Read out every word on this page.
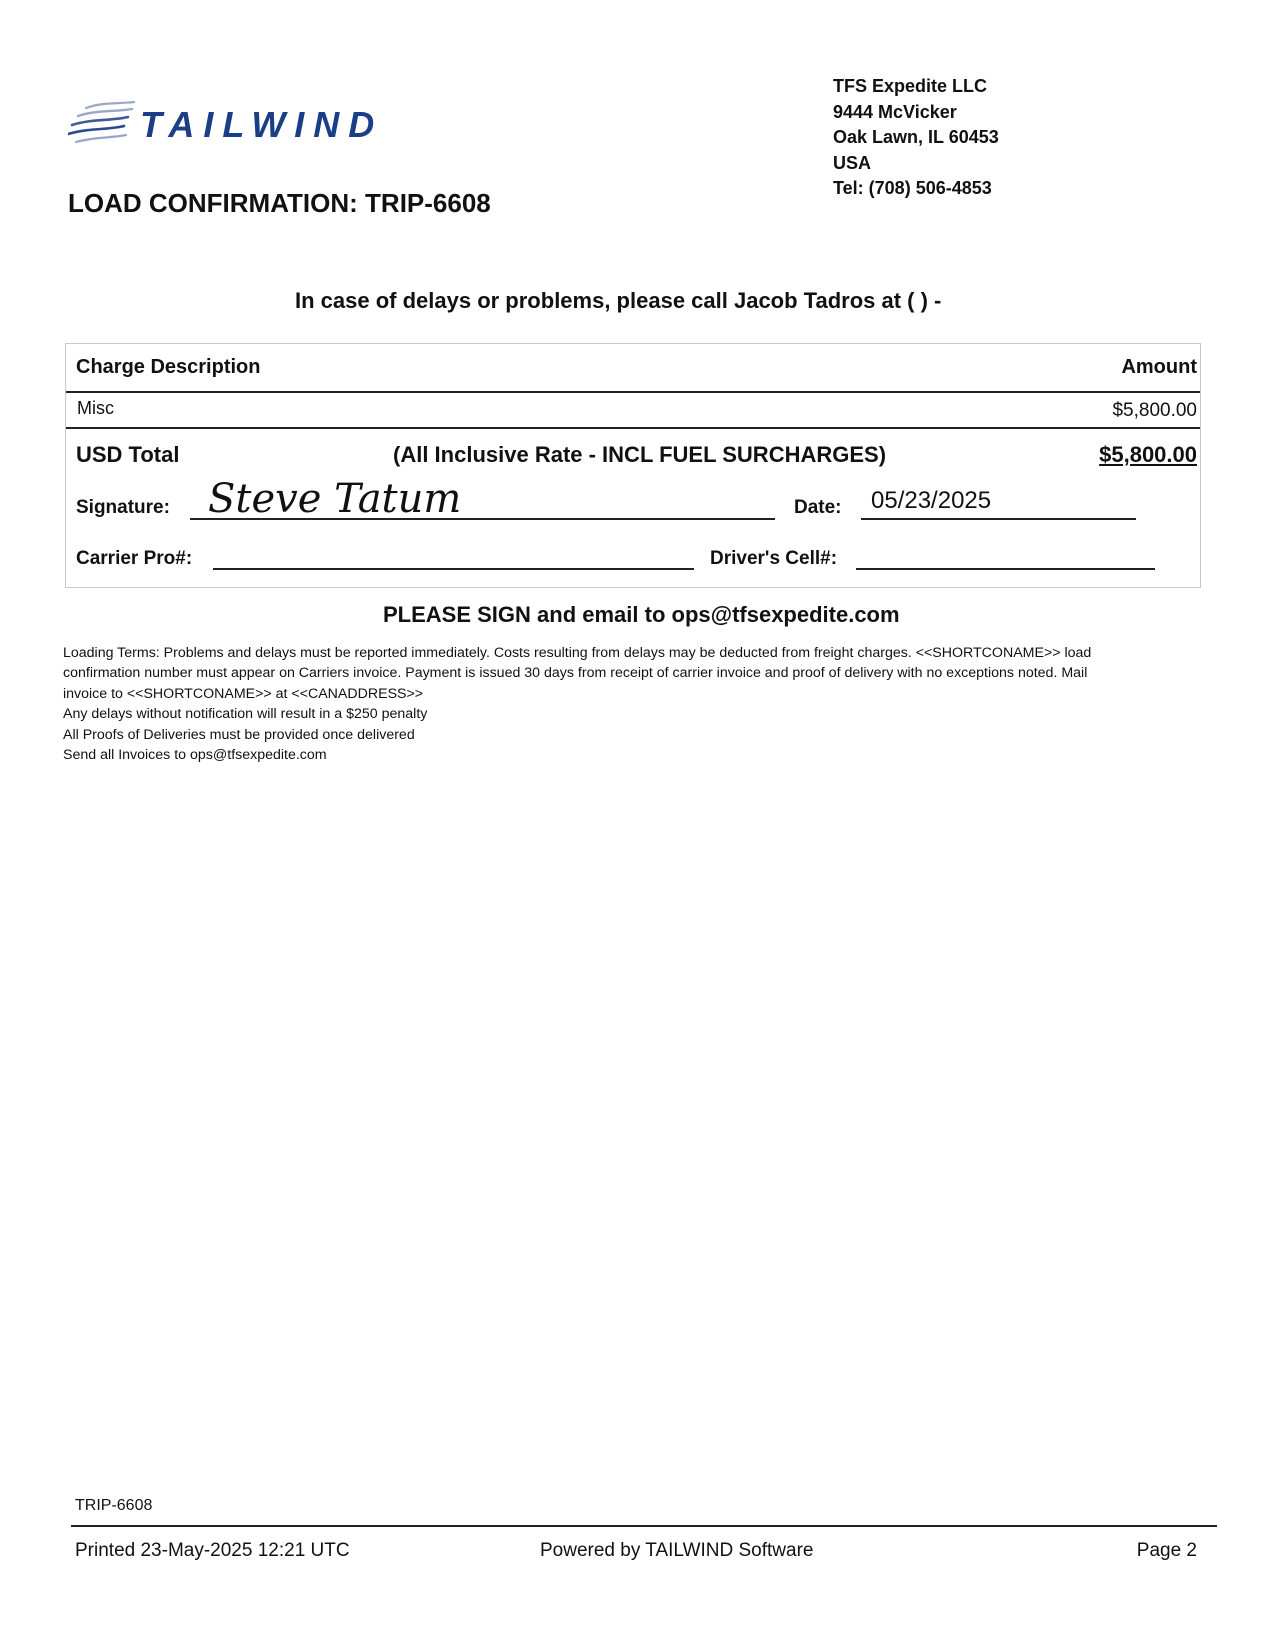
TAILWIND
TFS Expedite LLC
9444 McVicker
Oak Lawn, IL 60453
USA
Tel: (708) 506-4853
LOAD CONFIRMATION: TRIP-6608
In case of delays or problems, please call Jacob Tadros at ( ) -
Charge Description	Amount
Misc	$5,800.00
USD Total	(All Inclusive Rate - INCL FUEL SURCHARGES)	$5,800.00
Signature: Steve Tatum	Date: 05/23/2025
Carrier Pro#:	Driver's Cell#:
PLEASE SIGN and email to ops@tfsexpedite.com
Loading Terms: Problems and delays must be reported immediately. Costs resulting from delays may be deducted from freight charges. <<SHORTCONAME>> load
confirmation number must appear on Carriers invoice. Payment is issued 30 days from receipt of carrier invoice and proof of delivery with no exceptions noted. Mail
invoice to <<SHORTCONAME>> at <<CANADDRESS>>
Any delays without notification will result in a $250 penalty
All Proofs of Deliveries must be provided once delivered
Send all Invoices to ops@tfsexpedite.com
TRIP-6608
Printed 23-May-2025 12:21 UTC	Powered by TAILWIND Software	Page 2
